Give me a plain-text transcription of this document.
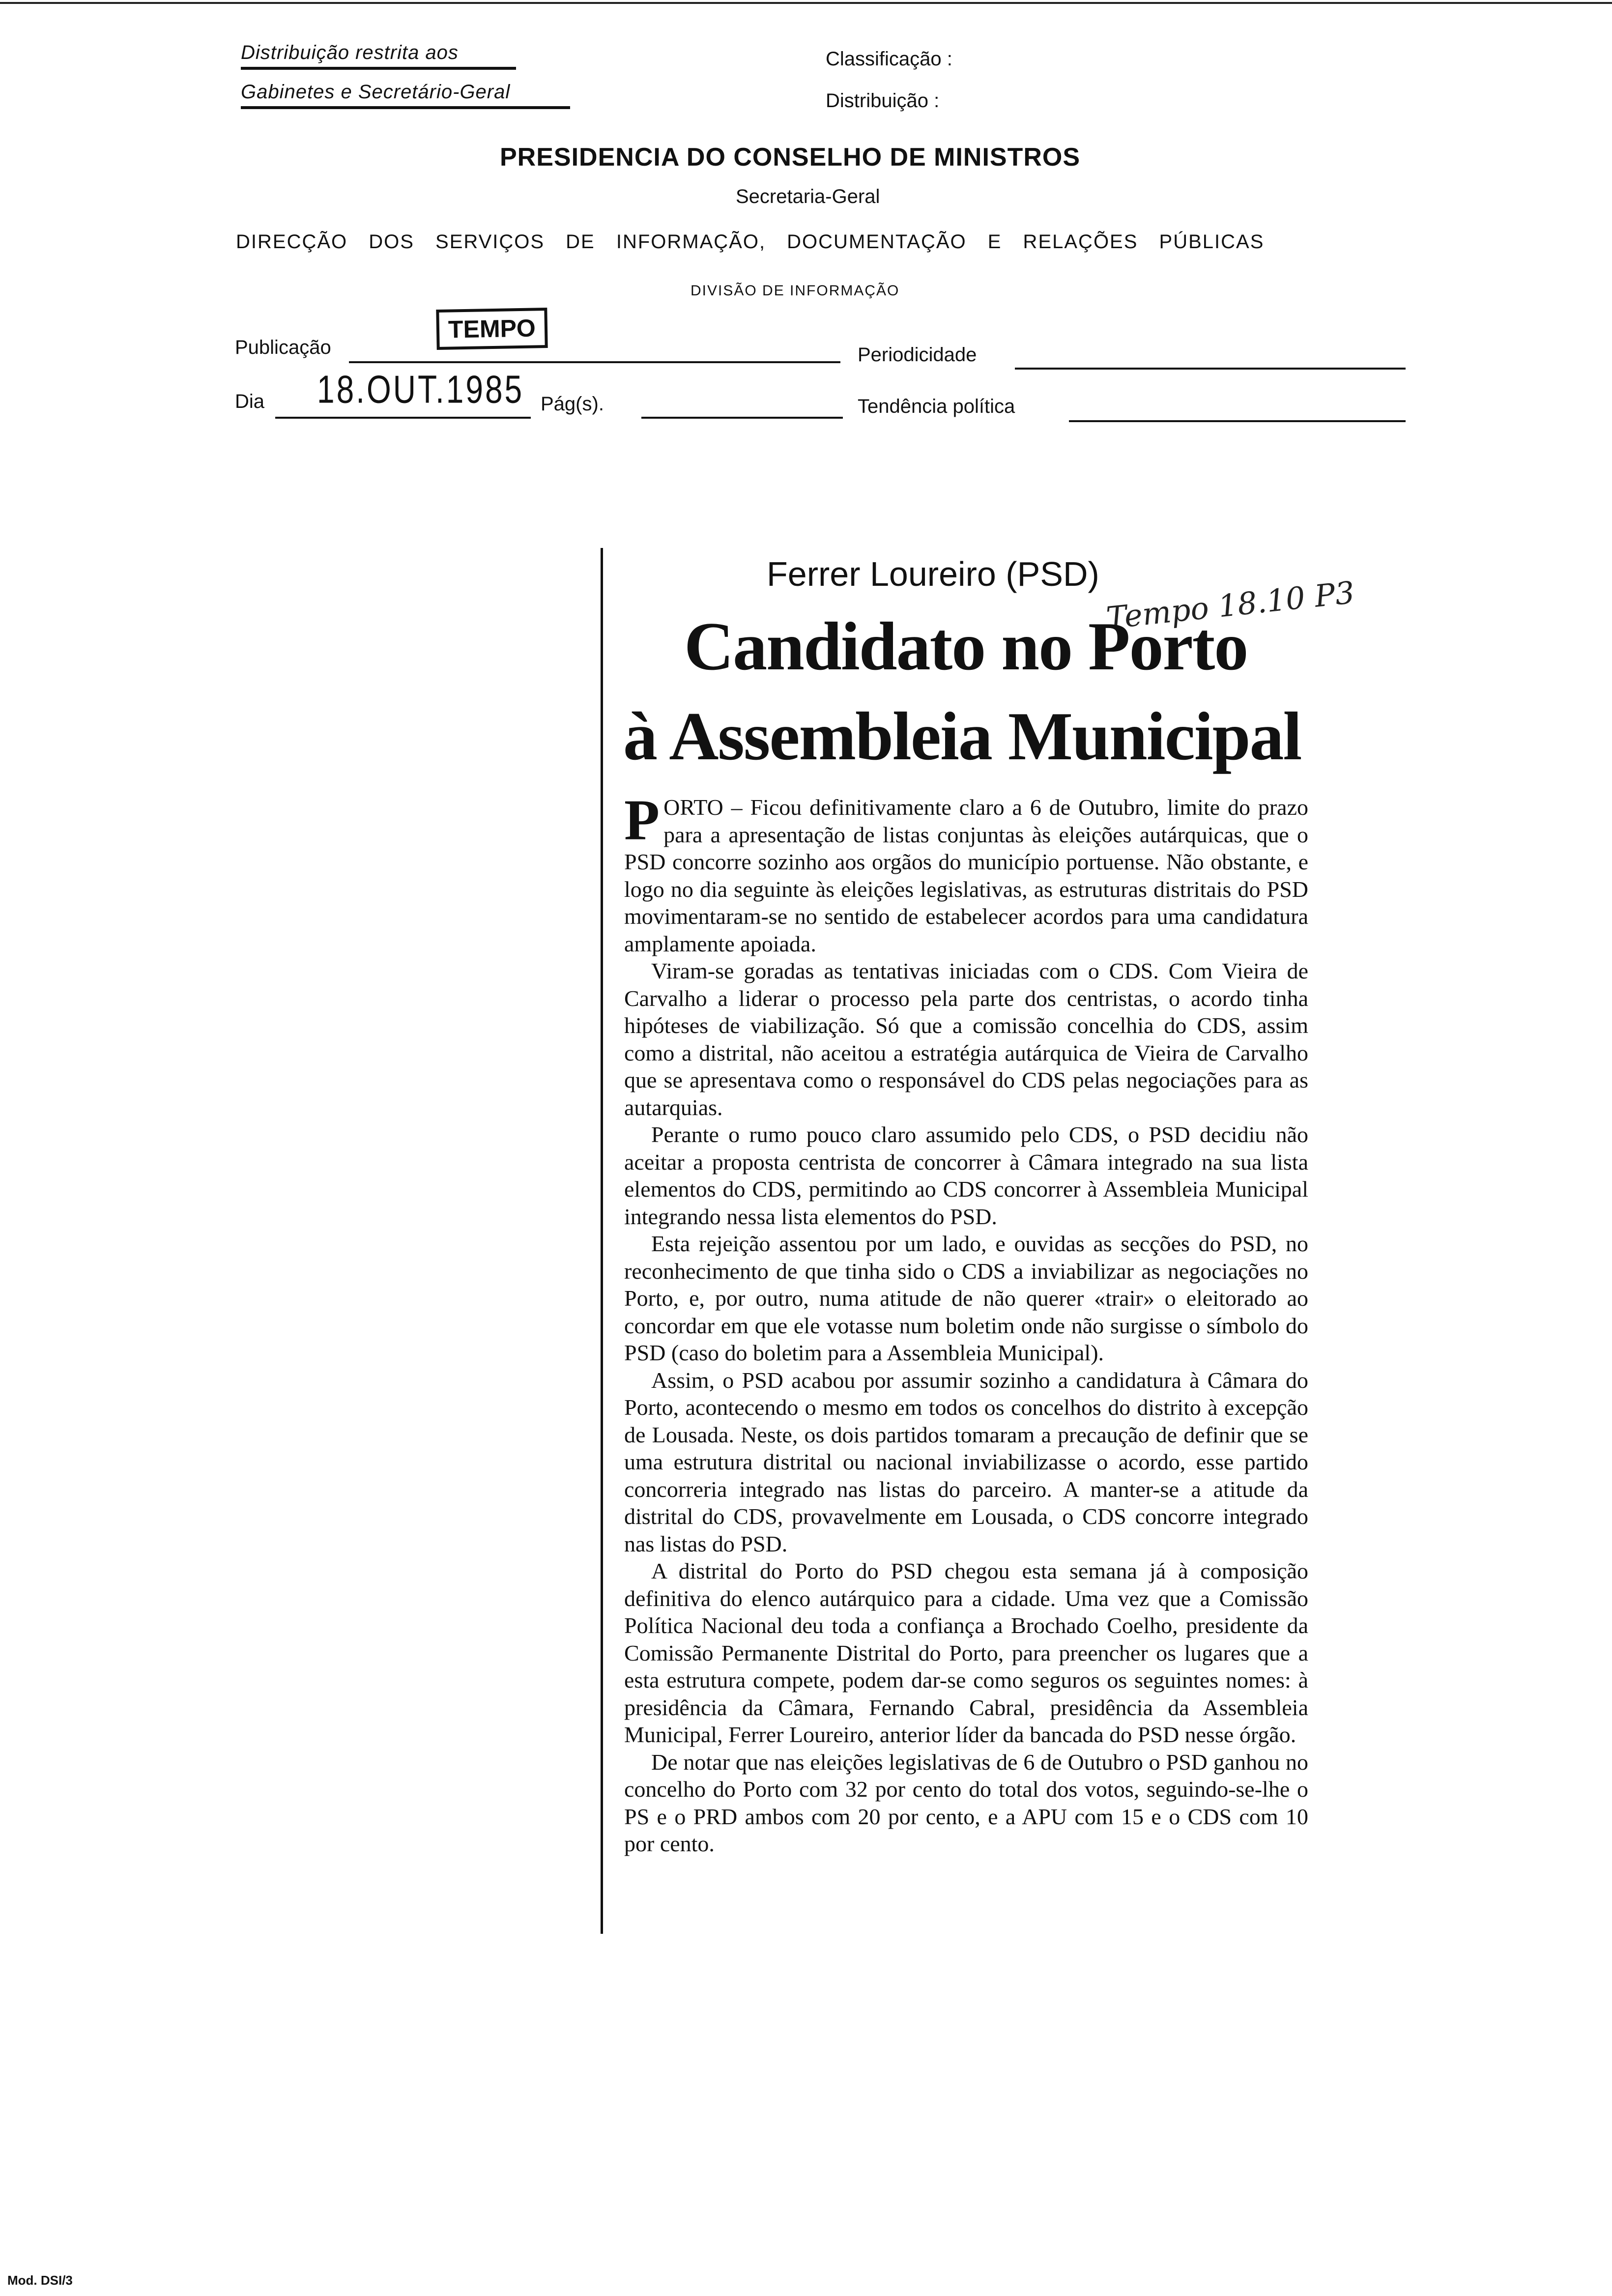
Distribuição restrita aos
Gabinetes e Secretário-Geral
Classificação :
Distribuição :
PRESIDENCIA DO CONSELHO DE MINISTROS
Secretaria-Geral
DIRECÇÃO DOS SERVIÇOS DE INFORMAÇÃO, DOCUMENTAÇÃO E RELAÇÕES PÚBLICAS
DIVISÃO DE INFORMAÇÃO
Publicação
TEMPO
Periodicidade
Dia 18.OUT.1985 Pág(s).	Tendência política
Ferrer Loureiro (PSD)
Tempo 18.10 P3
Candidato no Porto
à Assembleia Municipal

PORTO – Ficou definitivamente claro a 6 de Outubro, limite do prazo para a apresentação de listas conjuntas às eleições autárquicas, que o PSD concorre sozinho aos orgãos do município portuense. Não obstante, e logo no dia seguinte às eleições legislativas, as estruturas distritais do PSD movimentaram-se no sentido de estabelecer acordos para uma candidatura amplamente apoiada.

Viram-se goradas as tentativas iniciadas com o CDS. Com Vieira de Carvalho a liderar o processo pela parte dos centristas, o acordo tinha hipóteses de viabilização. Só que a comissão concelhia do CDS, assim como a distrital, não aceitou a estratégia autárquica de Vieira de Carvalho que se apresentava como o responsável do CDS pelas negociações para as autarquias.

Perante o rumo pouco claro assumido pelo CDS, o PSD decidiu não aceitar a proposta centrista de concorrer à Câmara integrado na sua lista elementos do CDS, permitindo ao CDS concorrer à Assembleia Municipal integrando nessa lista elementos do PSD.

Esta rejeição assentou por um lado, e ouvidas as secções do PSD, no reconhecimento de que tinha sido o CDS a inviabilizar as negociações no Porto, e, por outro, numa atitude de não querer «trair» o eleitorado ao concordar em que ele votasse num boletim onde não surgisse o símbolo do PSD (caso do boletim para a Assembleia Municipal).

Assim, o PSD acabou por assumir sozinho a candidatura à Câmara do Porto, acontecendo o mesmo em todos os concelhos do distrito à excepção de Lousada. Neste, os dois partidos tomaram a precaução de definir que se uma estrutura distrital ou nacional inviabilizasse o acordo, esse partido concorreria integrado nas listas do parceiro. A manter-se a atitude da distrital do CDS, provavelmente em Lousada, o CDS concorre integrado nas listas do PSD.

A distrital do Porto do PSD chegou esta semana já à composição definitiva do elenco autárquico para a cidade. Uma vez que a Comissão Política Nacional deu toda a confiança a Brochado Coelho, presidente da Comissão Permanente Distrital do Porto, para preencher os lugares que a esta estrutura compete, podem dar-se como seguros os seguintes nomes: à presidência da Câmara, Fernando Cabral, presidência da Assembleia Municipal, Ferrer Loureiro, anterior líder da bancada do PSD nesse órgão.

De notar que nas eleições legislativas de 6 de Outubro o PSD ganhou no concelho do Porto com 32 por cento do total dos votos, seguindo-se-lhe o PS e o PRD ambos com 20 por cento, e a APU com 15 e o CDS com 10 por cento.

Mod. DSI/3
